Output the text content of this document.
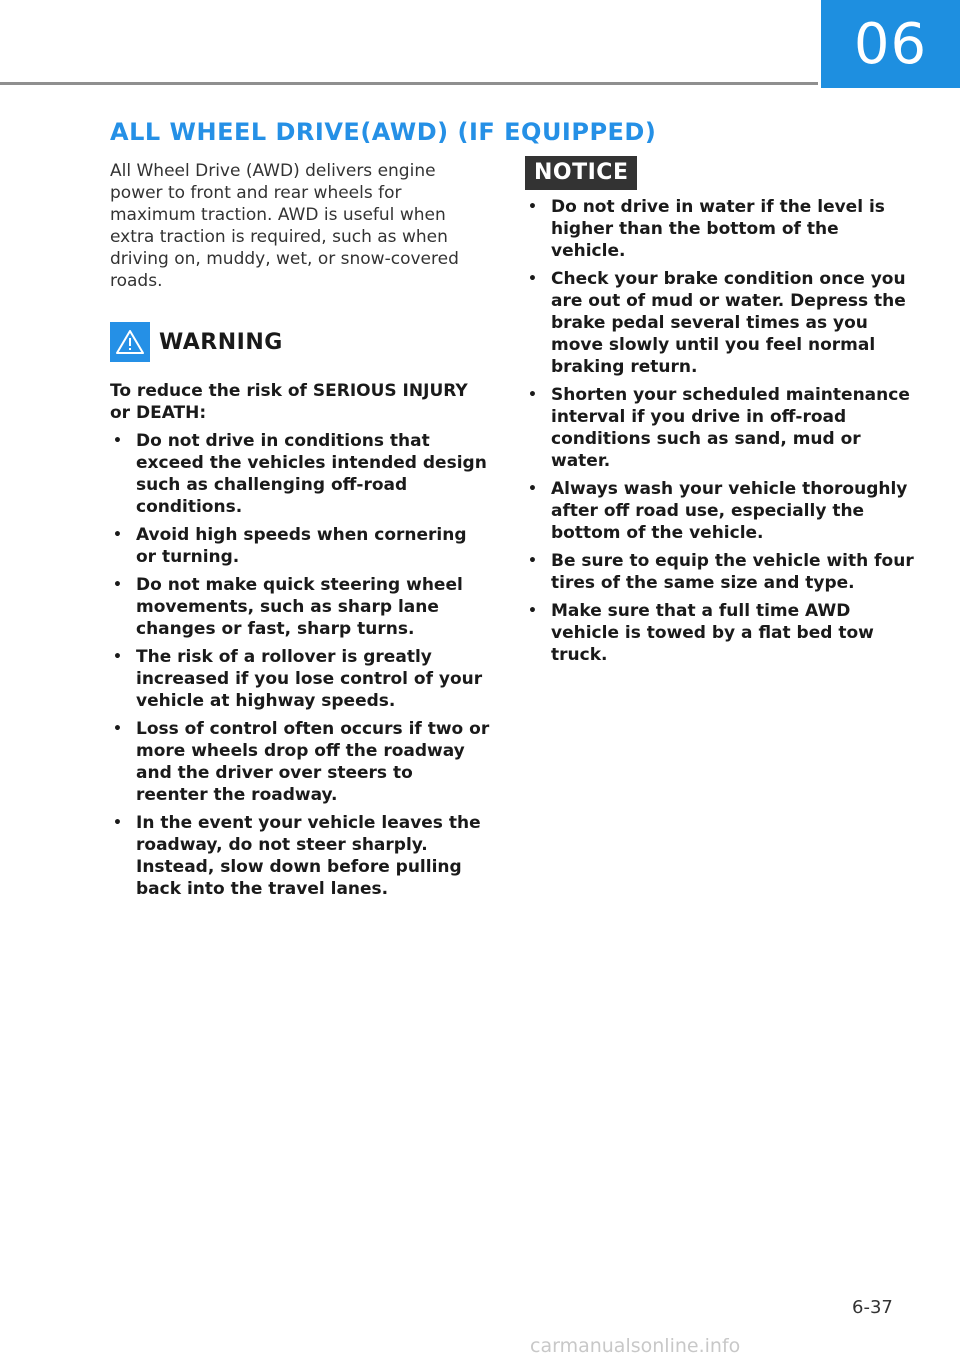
06
ALL WHEEL DRIVE(AWD) (IF EQUIPPED)

All Wheel Drive (AWD) delivers engine power to front and rear wheels for maximum traction. AWD is useful when extra traction is required, such as when driving on, muddy, wet, or snow-covered roads.

WARNING

To reduce the risk of SERIOUS INJURY or DEATH:

• Do not drive in conditions that exceed the vehicles intended design such as challenging off-road conditions.
• Avoid high speeds when cornering or turning.
• Do not make quick steering wheel movements, such as sharp lane changes or fast, sharp turns.
• The risk of a rollover is greatly increased if you lose control of your vehicle at highway speeds.
• Loss of control often occurs if two or more wheels drop off the roadway and the driver over steers to reenter the roadway.
• In the event your vehicle leaves the roadway, do not steer sharply. Instead, slow down before pulling back into the travel lanes.
NOTICE
• Do not drive in water if the level is higher than the bottom of the vehicle.
• Check your brake condition once you are out of mud or water. Depress the brake pedal several times as you move slowly until you feel normal braking return.
• Shorten your scheduled maintenance interval if you drive in off-road conditions such as sand, mud or water.
• Always wash your vehicle thoroughly after off road use, especially the bottom of the vehicle.
• Be sure to equip the vehicle with four tires of the same size and type.
• Make sure that a full time AWD vehicle is towed by a flat bed tow truck.
6-37
carmanualsonline.info
